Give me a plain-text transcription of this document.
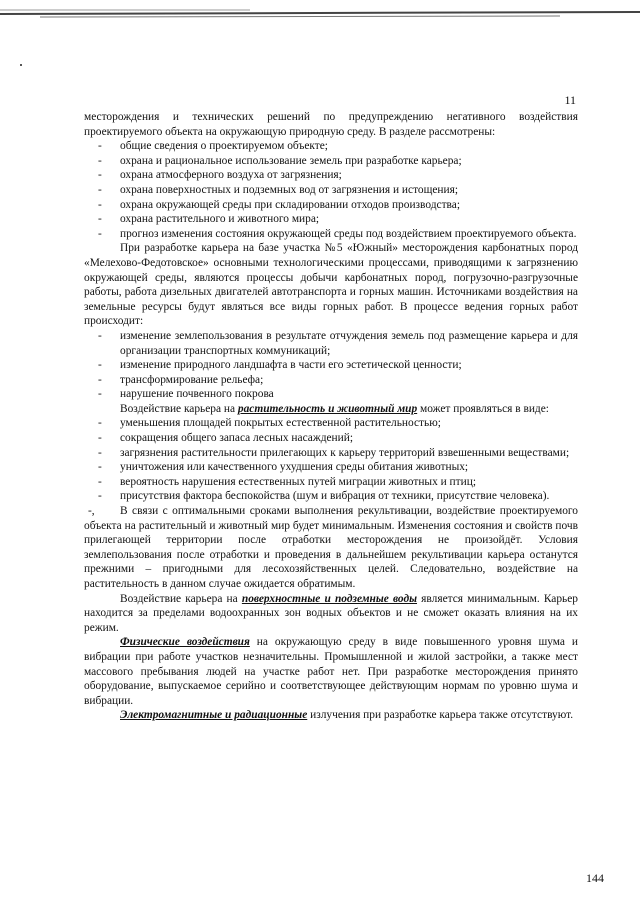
11

месторождения и технических решений по предупреждению негативного воздействия проектируемого объекта на окружающую природную среду. В разделе рассмотрены:

- общие сведения о проектируемом объекте;
- охрана и рациональное использование земель при разработке карьера;
- охрана атмосферного воздуха от загрязнения;
- охрана поверхностных и подземных вод от загрязнения и истощения;
- охрана окружающей среды при складировании отходов производства;
- охрана растительного и животного мира;
- прогноз изменения состояния окружающей среды под воздействием проектируемого объекта.

При разработке карьера на базе участка №5 «Южный» месторождения карбонатных пород «Мелехово-Федотовское» основными технологическими процессами, приводящими к загрязнению окружающей среды, являются процессы добычи карбонатных пород, погрузочно-разгрузочные работы, работа дизельных двигателей автотранспорта и горных машин. Источниками воздействия на земельные ресурсы будут являться все виды горных работ. В процессе ведения горных работ происходит:

- изменение землепользования в результате отчуждения земель под размещение карьера и для организации транспортных коммуникаций;
- изменение природного ландшафта в части его эстетической ценности;
- трансформирование рельефа;
- нарушение почвенного покрова

Воздействие карьера на растительность и животный мир может проявляться в виде:

- уменьшения площадей покрытых естественной растительностью;
- сокращения общего запаса лесных насаждений;
- загрязнения растительности прилегающих к карьеру территорий взвешенными веществами;
- уничтожения или качественного ухудшения среды обитания животных;
- вероятность нарушения естественных путей миграции животных и птиц;
- присутствия фактора беспокойства (шум и вибрация от техники, присутствие человека).

-, В связи с оптимальными сроками выполнения рекультивации, воздействие проектируемого объекта на растительный и животный мир будет минимальным. Изменения состояния и свойств почв прилегающей территории после отработки месторождения не произойдёт. Условия землепользования после отработки и проведения в дальнейшем рекультивации карьера останутся прежними – пригодными для лесохозяйственных целей. Следовательно, воздействие на растительность в данном случае ожидается обратимым.

Воздействие карьера на поверхностные и подземные воды является минимальным. Карьер находится за пределами водоохранных зон водных объектов и не сможет оказать влияния на их режим.

Физические воздействия на окружающую среду в виде повышенного уровня шума и вибрации при работе участков незначительны. Промышленной и жилой застройки, а также мест массового пребывания людей на участке работ нет. При разработке месторождения принято оборудование, выпускаемое серийно и соответствующее действующим нормам по уровню шума и вибрации.

Электромагнитные и радиационные излучения при разработке карьера также отсутствуют.

144
